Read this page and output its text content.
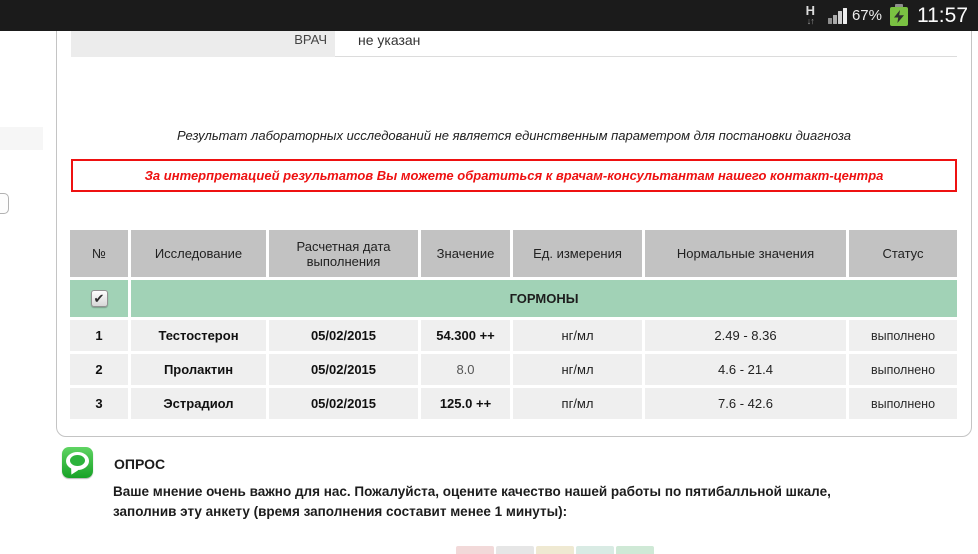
H
↓↑	67% 11:57
ВРАЧ	не указан
Результат лабораторных исследований не является единственным параметром для постановки диагноза
За интерпретацией результатов Вы можете обратиться к врачам-консультантам нашего контакт-центра
№	Исследование	Расчетная дата выполнения	Значение	Ед. измерения	Нормальные значения	Статус
✔	ГОРМОНЫ
1	Тестостерон	05/02/2015	54.300 ++	нг/мл	2.49 - 8.36	выполнено
2	Пролактин	05/02/2015	8.0	нг/мл	4.6 - 21.4	выполнено
3	Эстрадиол	05/02/2015	125.0 ++	пг/мл	7.6 - 42.6	выполнено
ОПРОС
Ваше мнение очень важно для нас. Пожалуйста, оцените качество нашей работы по пятибалльной шкале,
заполнив эту анкету (время заполнения составит менее 1 минуты):
